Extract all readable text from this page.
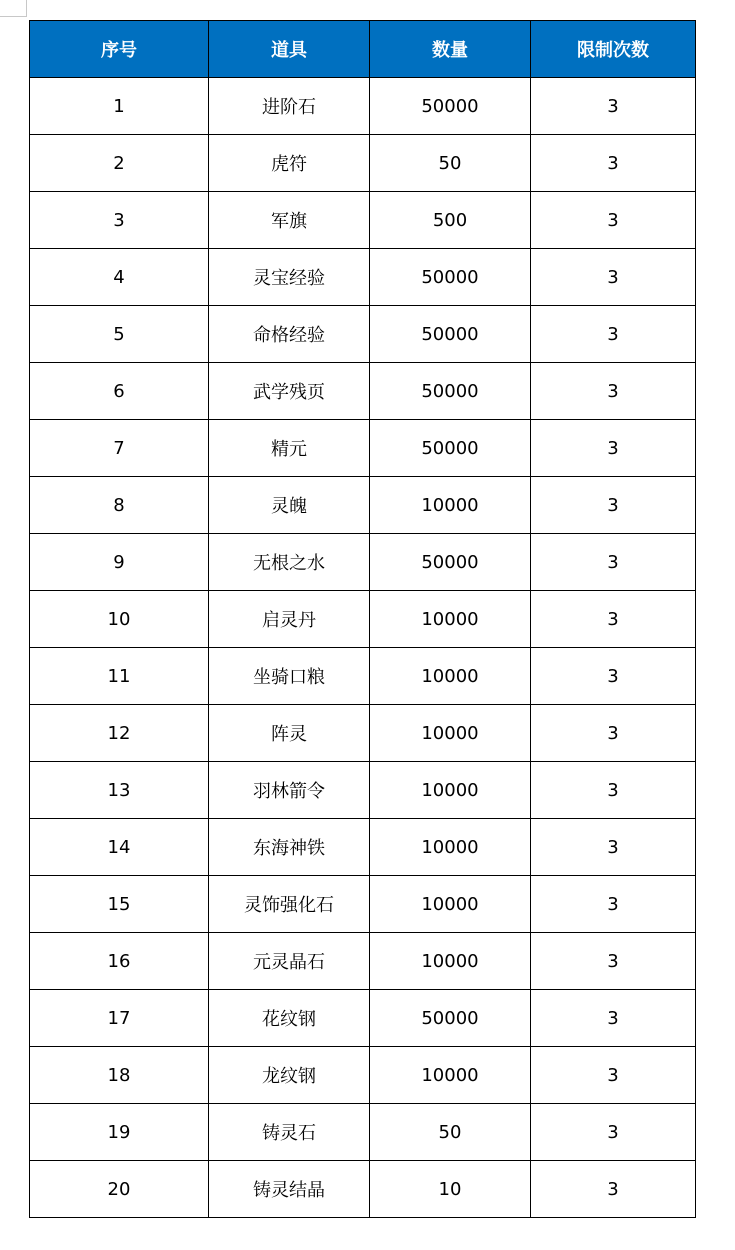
序号	道具	数量	限制次数
1	进阶石	50000	3
2	虎符	50	3
3	军旗	500	3
4	灵宝经验	50000	3
5	命格经验	50000	3
6	武学残页	50000	3
7	精元	50000	3
8	灵魄	10000	3
9	无根之水	50000	3
10	启灵丹	10000	3
11	坐骑口粮	10000	3
12	阵灵	10000	3
13	羽林箭令	10000	3
14	东海神铁	10000	3
15	灵饰强化石	10000	3
16	元灵晶石	10000	3
17	花纹钢	50000	3
18	龙纹钢	10000	3
19	铸灵石	50	3
20	铸灵结晶	10	3
